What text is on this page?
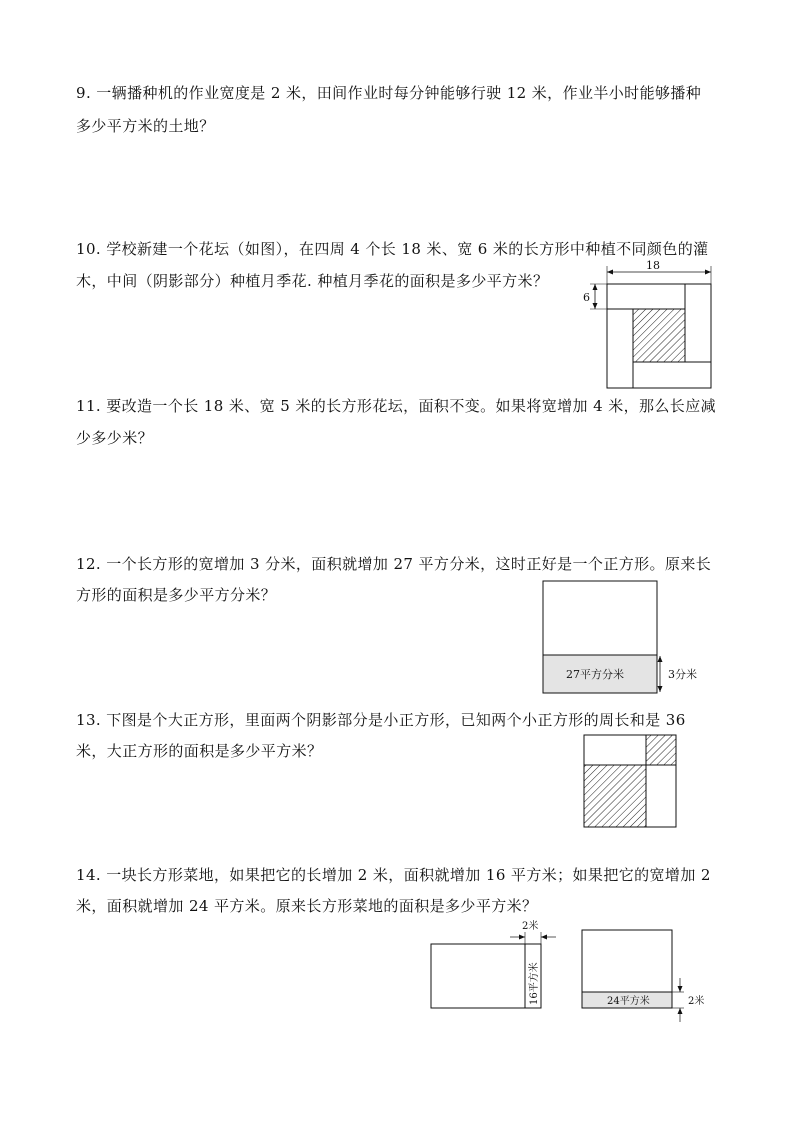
9. 一辆播种机的作业宽度是 2 米，田间作业时每分钟能够行驶 12 米，作业半小时能够播种
多少平方米的土地？
10. 学校新建一个花坛（如图），在四周 4 个长 18 米、宽 6 米的长方形中种植不同颜色的灌
木，中间（阴影部分）种植月季花. 种植月季花的面积是多少平方米？
18
6
11. 要改造一个长 18 米、宽 5 米的长方形花坛，面积不变。如果将宽增加 4 米，那么长应减
少多少米？
12. 一个长方形的宽增加 3 分米，面积就增加 27 平方分米，这时正好是一个正方形。原来长
方形的面积是多少平方分米？
27平方分米	3分米
13. 下图是个大正方形，里面两个阴影部分是小正方形，已知两个小正方形的周长和是 36
米，大正方形的面积是多少平方米？
14. 一块长方形菜地，如果把它的长增加 2 米，面积就增加 16 平方米；如果把它的宽增加 2
米，面积就增加 24 平方米。原来长方形菜地的面积是多少平方米？
2米
16平方米	24平方米	2米
